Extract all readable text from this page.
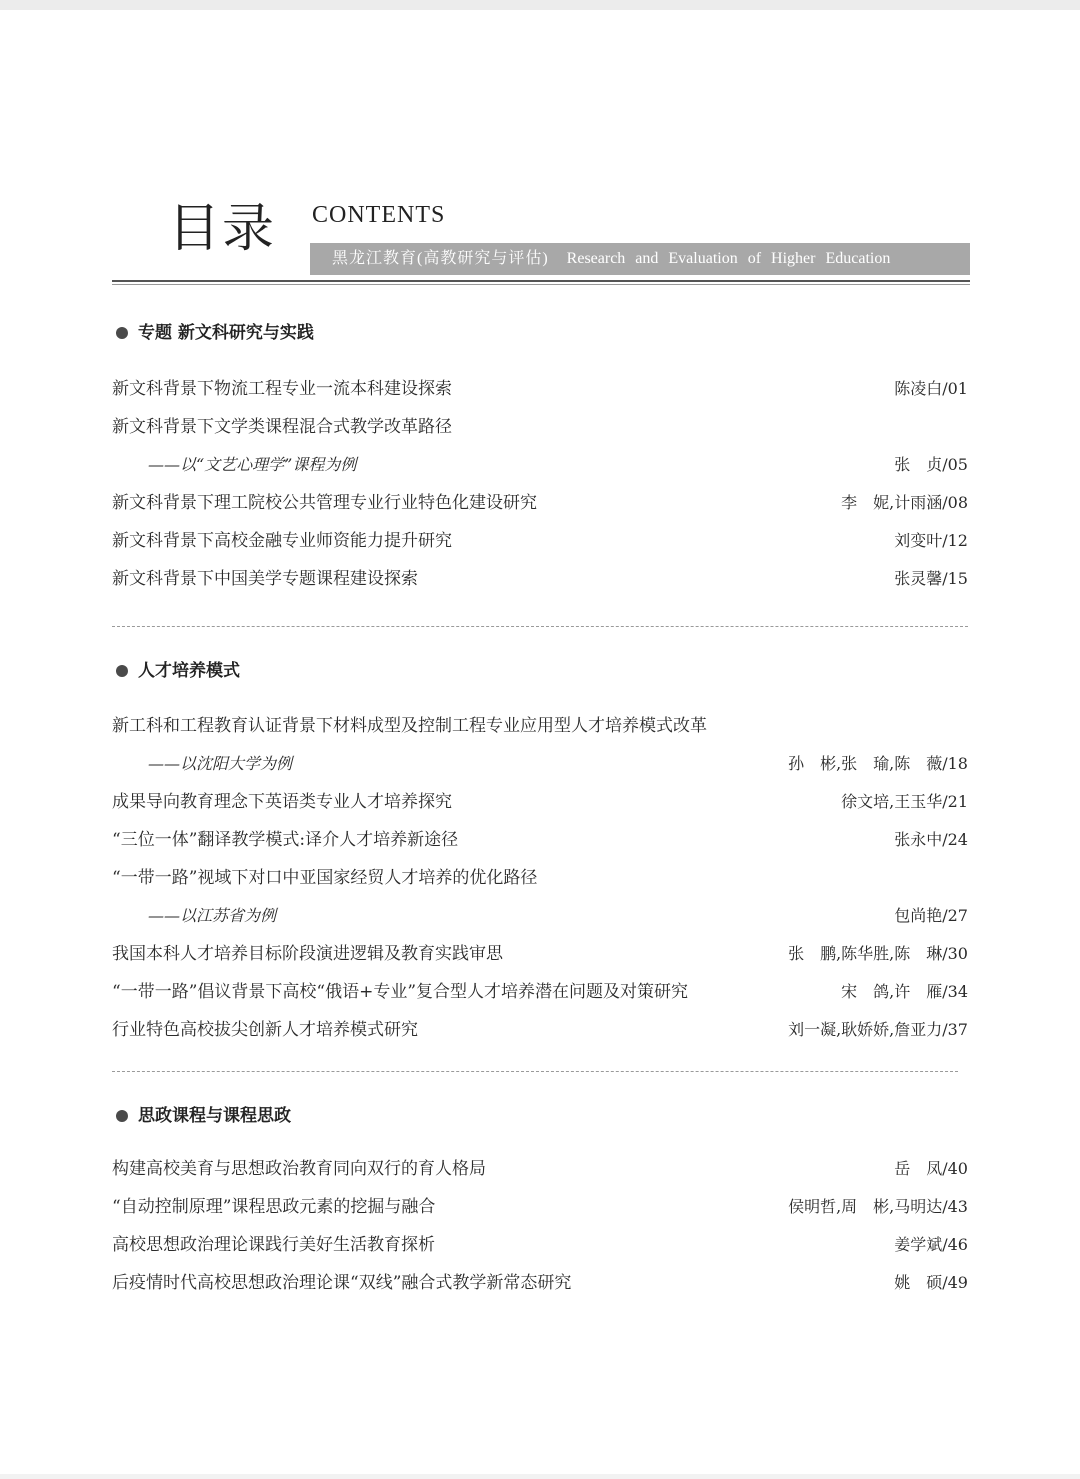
目录 CONTENTS
黑龙江教育(高教研究与评估) Research and Evaluation of Higher Education
专题 新文科研究与实践
新文科背景下物流工程专业一流本科建设探索	陈凌白/01
新文科背景下文学类课程混合式教学改革路径
——以“文艺心理学”课程为例	张　贞/05
新文科背景下理工院校公共管理专业行业特色化建设研究	李　妮,计雨涵/08
新文科背景下高校金融专业师资能力提升研究	刘变叶/12
新文科背景下中国美学专题课程建设探索	张灵馨/15
人才培养模式
新工科和工程教育认证背景下材料成型及控制工程专业应用型人才培养模式改革
——以沈阳大学为例	孙　彬,张　瑜,陈　薇/18
成果导向教育理念下英语类专业人才培养探究	徐文培,王玉华/21
“三位一体”翻译教学模式:译介人才培养新途径	张永中/24
“一带一路”视域下对口中亚国家经贸人才培养的优化路径
——以江苏省为例	包尚艳/27
我国本科人才培养目标阶段演进逻辑及教育实践审思	张　鹏,陈华胜,陈　琳/30
“一带一路”倡议背景下高校“俄语+专业”复合型人才培养潜在问题及对策研究	宋　鸽,许　雁/34
行业特色高校拔尖创新人才培养模式研究	刘一凝,耿娇娇,詹亚力/37
思政课程与课程思政
构建高校美育与思想政治教育同向双行的育人格局	岳　凤/40
“自动控制原理”课程思政元素的挖掘与融合	侯明哲,周　彬,马明达/43
高校思想政治理论课践行美好生活教育探析	姜学斌/46
后疫情时代高校思想政治理论课“双线”融合式教学新常态研究	姚　硕/49
